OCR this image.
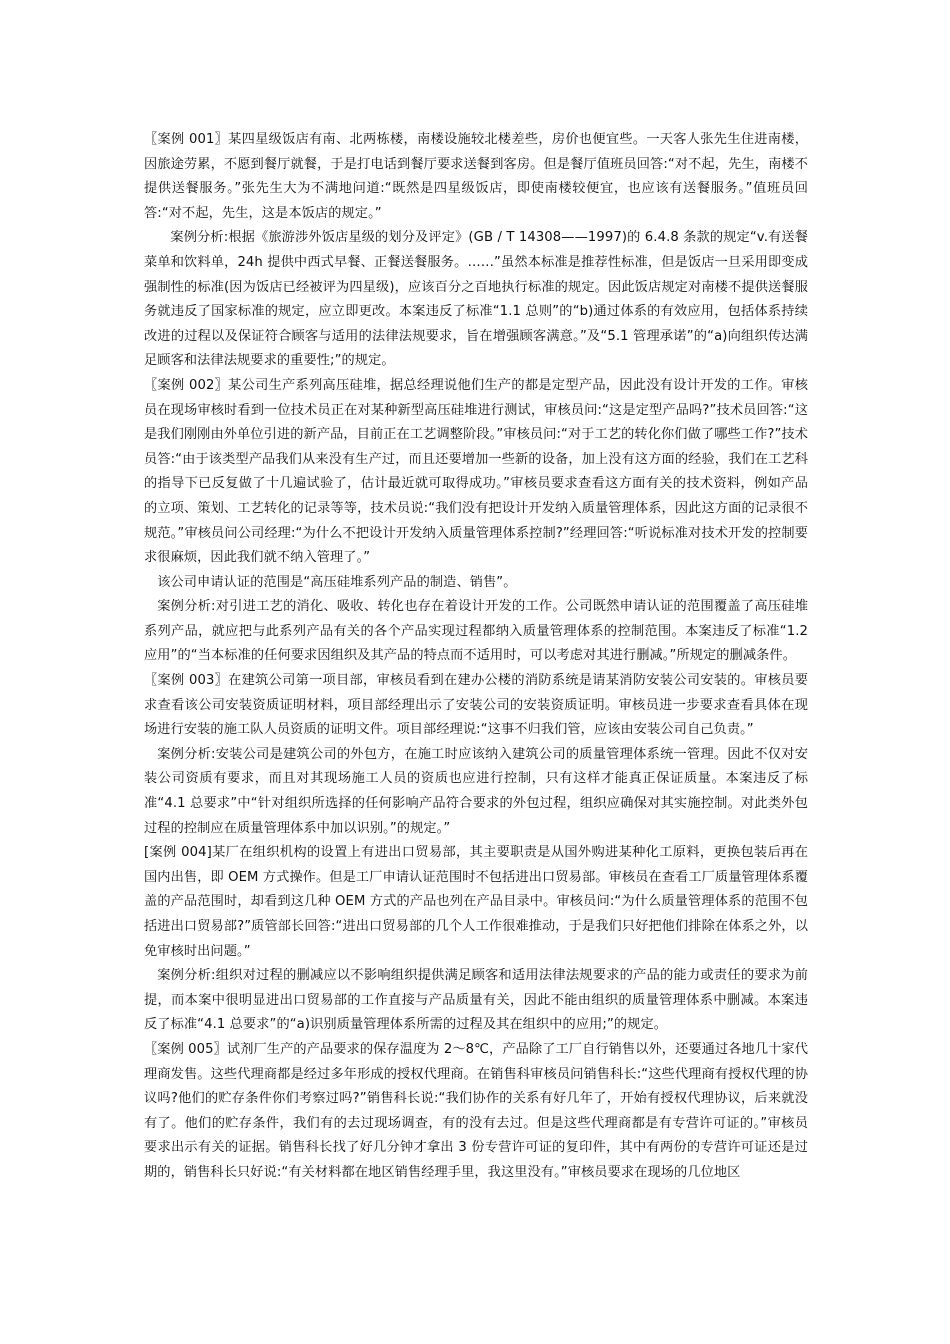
〖案例 001〗某四星级饭店有南、北两栋楼，南楼设施较北楼差些，房价也便宜些。一天客人张先生住进南楼，因旅途劳累，不愿到餐厅就餐，于是打电话到餐厅要求送餐到客房。但是餐厅值班员回答:“对不起，先生，南楼不提供送餐服务。”张先生大为不满地问道:“既然是四星级饭店，即使南楼较便宜，也应该有送餐服务。”值班员回答:“对不起，先生，这是本饭店的规定。”

案例分析:根据《旅游涉外饭店星级的划分及评定》(GB / T 14308——1997)的 6.4.8 条款的规定“v.有送餐菜单和饮料单，24h 提供中西式早餐、正餐送餐服务。……”虽然本标准是推荐性标准，但是饭店一旦采用即变成强制性的标准(因为饭店已经被评为四星级)，应该百分之百地执行标准的规定。因此饭店规定对南楼不提供送餐服务就违反了国家标准的规定，应立即更改。本案违反了标准“1.1 总则”的“b)通过体系的有效应用，包括体系持续改进的过程以及保证符合顾客与适用的法律法规要求，旨在增强顾客满意。”及“5.1 管理承诺”的“a)向组织传达满足顾客和法律法规要求的重要性;”的规定。

〖案例 002〗某公司生产系列高压硅堆，据总经理说他们生产的都是定型产品，因此没有设计开发的工作。审核员在现场审核时看到一位技术员正在对某种新型高压硅堆进行测试，审核员问:“这是定型产品吗?”技术员回答:“这是我们刚刚由外单位引进的新产品，目前正在工艺调整阶段。”审核员问:“对于工艺的转化你们做了哪些工作?”技术员答:“由于该类型产品我们从来没有生产过，而且还要增加一些新的设备，加上没有这方面的经验，我们在工艺科的指导下已反复做了十几遍试验了，估计最近就可取得成功。”审核员要求查看这方面有关的技术资料，例如产品的立项、策划、工艺转化的记录等等，技术员说:“我们没有把设计开发纳入质量管理体系，因此这方面的记录很不规范。”审核员问公司经理:“为什么不把设计开发纳入质量管理体系控制?”经理回答:“听说标准对技术开发的控制要求很麻烦，因此我们就不纳入管理了。”

该公司申请认证的范围是“高压硅堆系列产品的制造、销售”。

案例分析:对引进工艺的消化、吸收、转化也存在着设计开发的工作。公司既然申请认证的范围覆盖了高压硅堆系列产品，就应把与此系列产品有关的各个产品实现过程都纳入质量管理体系的控制范围。本案违反了标准“1.2 应用”的“当本标准的任何要求因组织及其产品的特点而不适用时，可以考虑对其进行删减。”所规定的删减条件。

〖案例 003〗在建筑公司第一项目部，审核员看到在建办公楼的消防系统是请某消防安装公司安装的。审核员要求查看该公司安装资质证明材料，项目部经理出示了安装公司的安装资质证明。审核员进一步要求查看具体在现场进行安装的施工队人员资质的证明文件。项目部经理说:“这事不归我们管，应该由安装公司自己负责。”

案例分析:安装公司是建筑公司的外包方，在施工时应该纳入建筑公司的质量管理体系统一管理。因此不仅对安装公司资质有要求，而且对其现场施工人员的资质也应进行控制，只有这样才能真正保证质量。本案违反了标准“4.1 总要求”中“针对组织所选择的任何影响产品符合要求的外包过程，组织应确保对其实施控制。对此类外包过程的控制应在质量管理体系中加以识别。”的规定。”

[案例 004]某厂在组织机构的设置上有进出口贸易部，其主要职责是从国外购进某种化工原料，更换包装后再在国内出售，即 OEM 方式操作。但是工厂申请认证范围时不包括进出口贸易部。审核员在查看工厂质量管理体系覆盖的产品范围时，却看到这几种 OEM 方式的产品也列在产品目录中。审核员问:“为什么质量管理体系的范围不包括进出口贸易部?”质管部长回答:“进出口贸易部的几个人工作很难推动，于是我们只好把他们排除在体系之外，以免审核时出问题。”

案例分析:组织对过程的删减应以不影响组织提供满足顾客和适用法律法规要求的产品的能力或责任的要求为前提，而本案中很明显进出口贸易部的工作直接与产品质量有关，因此不能由组织的质量管理体系中删减。本案违反了标准“4.1 总要求”的“a)识别质量管理体系所需的过程及其在组织中的应用;”的规定。

〖案例 005〗试剂厂生产的产品要求的保存温度为 2～8℃，产品除了工厂自行销售以外，还要通过各地几十家代理商发售。这些代理商都是经过多年形成的授权代理商。在销售科审核员问销售科长:“这些代理商有授权代理的协议吗?他们的贮存条件你们考察过吗?”销售科长说:“我们协作的关系有好几年了，开始有授权代理协议，后来就没有了。他们的贮存条件，我们有的去过现场调查，有的没有去过。但是这些代理商都是有专营许可证的。”审核员要求出示有关的证据。销售科长找了好几分钟才拿出 3 份专营许可证的复印件，其中有两份的专营许可证还是过期的，销售科长只好说:“有关材料都在地区销售经理手里，我这里没有。”审核员要求在现场的几位地区
